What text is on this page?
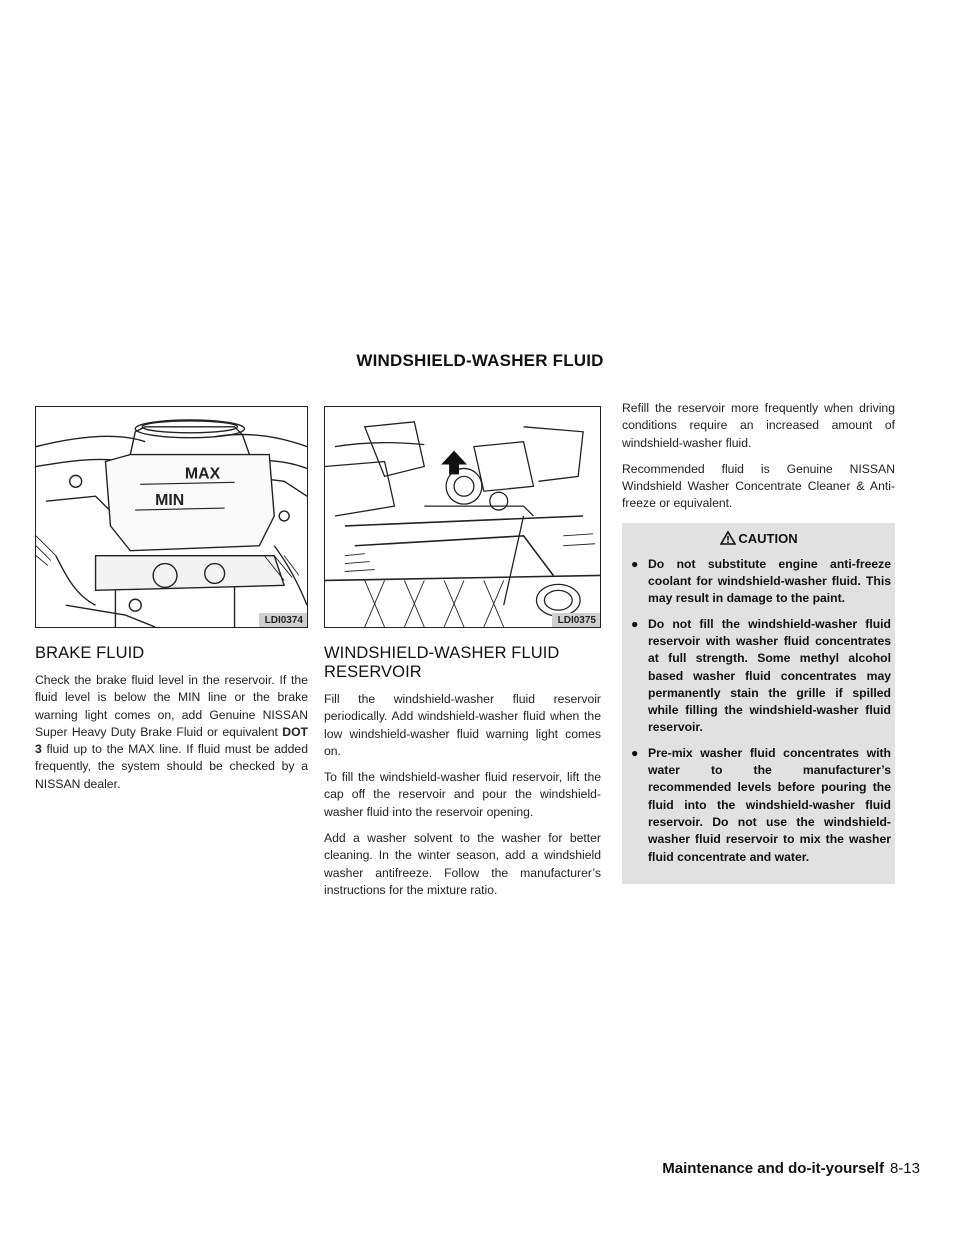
WINDSHIELD-WASHER FLUID
MAX
MIN
LDI0374
BRAKE FLUID

Check the brake fluid level in the reservoir. If the fluid level is below the MIN line or the brake warning light comes on, add Genuine NISSAN Super Heavy Duty Brake Fluid or equivalent DOT 3 fluid up to the MAX line. If fluid must be added frequently, the system should be checked by a NISSAN dealer.

LDI0375
WINDSHIELD-WASHER FLUID RESERVOIR

Fill the windshield-washer fluid reservoir periodically. Add windshield-washer fluid when the low windshield-washer fluid warning light comes on.

To fill the windshield-washer fluid reservoir, lift the cap off the reservoir and pour the windshield-washer fluid into the reservoir opening.

Add a washer solvent to the washer for better cleaning. In the winter season, add a windshield washer antifreeze. Follow the manufacturer’s instructions for the mixture ratio.

Refill the reservoir more frequently when driving conditions require an increased amount of windshield-washer fluid.

Recommended fluid is Genuine NISSAN Windshield Washer Concentrate Cleaner & Anti-freeze or equivalent.

CAUTION
● Do not substitute engine anti-freeze coolant for windshield-washer fluid. This may result in damage to the paint.
● Do not fill the windshield-washer fluid reservoir with washer fluid concentrates at full strength. Some methyl alcohol based washer fluid concentrates may permanently stain the grille if spilled while filling the windshield-washer fluid reservoir.
● Pre-mix washer fluid concentrates with water to the manufacturer’s recommended levels before pouring the fluid into the windshield-washer fluid reservoir. Do not use the windshield-washer fluid reservoir to mix the washer fluid concentrate and water.
Maintenance and do-it-yourself 8-13
